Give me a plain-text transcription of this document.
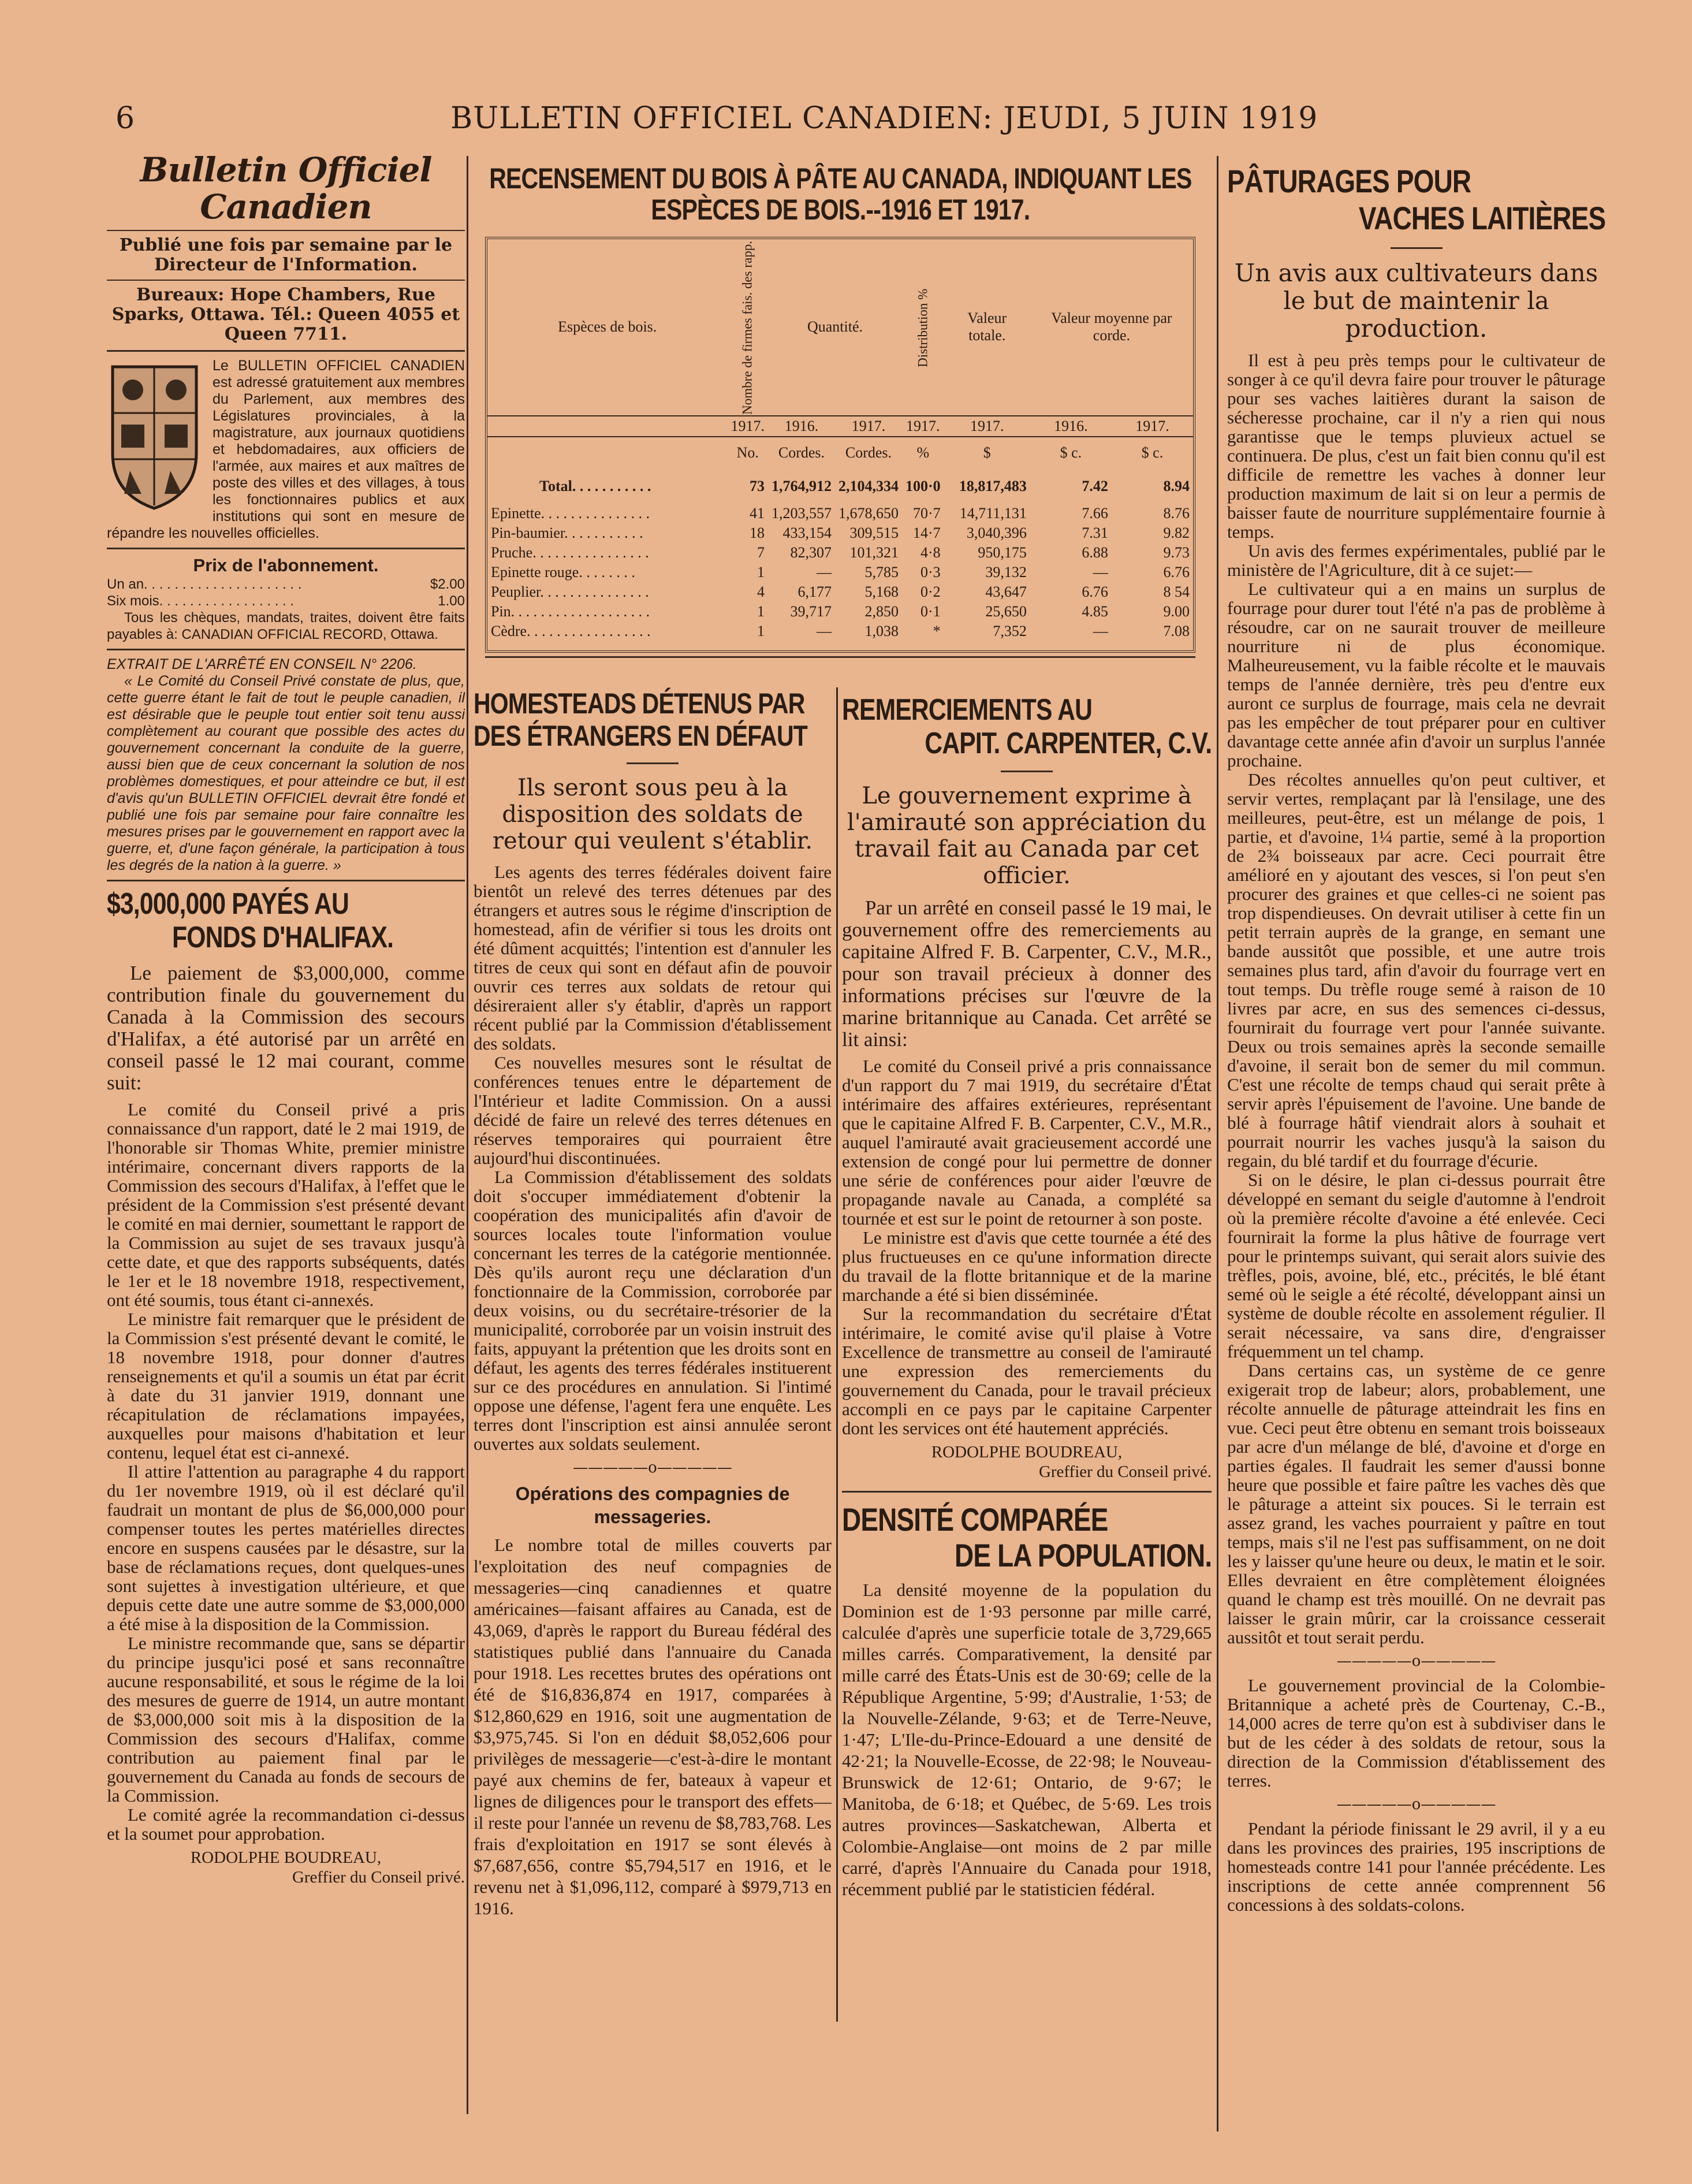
6	BULLETIN OFFICIEL CANADIEN: JEUDI, 5 JUIN 1919
Bulletin Officiel Canadien
Publié une fois par semaine par le Directeur de l'Information.
Bureaux: Hope Chambers, Rue Sparks, Ottawa. Tél.: Queen 4055 et Queen 7711.
Le BULLETIN OFFICIEL CANADIEN est adressé gratuitement aux membres du Parlement, aux membres des Législatures provinciales, à la magistrature, aux journaux quotidiens et hebdomadaires, aux officiers de l'armée, aux maires et aux maîtres de poste des villes et des villages, à tous les fonctionnaires publics et aux institutions qui sont en mesure de répandre les nouvelles officielles.
Prix de l'abonnement.
Un an. . . . . . . . . . . . . . . . . . . . .	$2.00
Six mois. . . . . . . . . . . . . . . . . .	1.00
Tous les chèques, mandats, traites, doivent être faits payables à: CANADIAN OFFICIAL RECORD, Ottawa.
EXTRAIT DE L'ARRÊTÉ EN CONSEIL N° 2206.
« Le Comité du Conseil Privé constate de plus, que, cette guerre étant le fait de tout le peuple canadien, il est désirable que le peuple tout entier soit tenu aussi complètement au courant que possible des actes du gouvernement concernant la conduite de la guerre, aussi bien que de ceux concernant la solution de nos problèmes domestiques, et pour atteindre ce but, il est d'avis qu'un BULLETIN OFFICIEL devrait être fondé et publié une fois par semaine pour faire connaître les mesures prises par le gouvernement en rapport avec la guerre, et, d'une façon générale, la participation à tous les degrés de la nation à la guerre. »
$3,000,000 PAYÉS AU
FONDS D'HALIFAX.

Le paiement de $3,000,000, comme contribution finale du gouvernement du Canada à la Commission des secours d'Halifax, a été autorisé par un arrêté en conseil passé le 12 mai courant, comme suit:

Le comité du Conseil privé a pris connaissance d'un rapport, daté le 2 mai 1919, de l'honorable sir Thomas White, premier ministre intérimaire, concernant divers rapports de la Commission des secours d'Halifax, à l'effet que le président de la Commission s'est présenté devant le comité en mai dernier, soumettant le rapport de la Commission au sujet de ses travaux jusqu'à cette date, et que des rapports subséquents, datés le 1er et le 18 novembre 1918, respectivement, ont été soumis, tous étant ci-annexés.

Le ministre fait remarquer que le président de la Commission s'est présenté devant le comité, le 18 novembre 1918, pour donner d'autres renseignements et qu'il a soumis un état par écrit à date du 31 janvier 1919, donnant une récapitulation de réclamations impayées, auxquelles pour maisons d'habitation et leur contenu, lequel état est ci-annexé.

Il attire l'attention au paragraphe 4 du rapport du 1er novembre 1919, où il est déclaré qu'il faudrait un montant de plus de $6,000,000 pour compenser toutes les pertes matérielles directes encore en suspens causées par le désastre, sur la base de réclamations reçues, dont quelques-unes sont sujettes à investigation ultérieure, et que depuis cette date une autre somme de $3,000,000 a été mise à la disposition de la Commission.

Le ministre recommande que, sans se départir du principe jusqu'ici posé et sans reconnaître aucune responsabilité, et sous le régime de la loi des mesures de guerre de 1914, un autre montant de $3,000,000 soit mis à la disposition de la Commission des secours d'Halifax, comme contribution au paiement final par le gouvernement du Canada au fonds de secours de la Commission.

Le comité agrée la recommandation ci-dessus et la soumet pour approbation.

RODOLPHE BOUDREAU,
Greffier du Conseil privé.
RECENSEMENT DU BOIS À PÂTE AU CANADA, INDIQUANT LES ESPÈCES DE BOIS.--1916 ET 1917.
Espèces de bois.	Nombre de firmes fais. des rapp.	Quantité.		Distribution %	Valeur totale.	Valeur moyenne par corde.	
	1917.	1916.	1917.	1917.	1917.	1916.	1917.
	No.	Cordes.	Cordes.	%	$	$ c.	$ c.
Total. . . . . . . . . . .	73	1,764,912	2,104,334	100·0	18,817,483	7.42	8.94
Epinette. . . . . . . . . . . . . . .	41	1,203,557	1,678,650	70·7	14,711,131	7.66	8.76
Pin-baumier. . . . . . . . . . .	18	433,154	309,515	14·7	3,040,396	7.31	9.82
Pruche. . . . . . . . . . . . . . . .	7	82,307	101,321	4·8	950,175	6.88	9.73
Epinette rouge. . . . . . . .	1	—	5,785	0·3	39,132	—	6.76
Peuplier. . . . . . . . . . . . . . .	4	6,177	5,168	0·2	43,647	6.76	8 54
Pin. . . . . . . . . . . . . . . . . . .	1	39,717	2,850	0·1	25,650	4.85	9.00
Cèdre. . . . . . . . . . . . . . . . .	1	—	1,038	*	7,352	—	7.08
HOMESTEADS DÉTENUS PAR DES ÉTRANGERS EN DÉFAUT
Ils seront sous peu à la disposition des soldats de retour qui veulent s'établir.

Les agents des terres fédérales doivent faire bientôt un relevé des terres détenues par des étrangers et autres sous le régime d'inscription de homestead, afin de vérifier si tous les droits ont été dûment acquittés; l'intention est d'annuler les titres de ceux qui sont en défaut afin de pouvoir ouvrir ces terres aux soldats de retour qui désireraient aller s'y établir, d'après un rapport récent publié par la Commission d'établissement des soldats.

Ces nouvelles mesures sont le résultat de conférences tenues entre le département de l'Intérieur et ladite Commission. On a aussi décidé de faire un relevé des terres détenues en réserves temporaires qui pourraient être aujourd'hui discontinuées.

La Commission d'établissement des soldats doit s'occuper immédiatement d'obtenir la coopération des municipalités afin d'avoir de sources locales toute l'information voulue concernant les terres de la catégorie mentionnée. Dès qu'ils auront reçu une déclaration d'un fonctionnaire de la Commission, corroborée par deux voisins, ou du secrétaire-trésorier de la municipalité, corroborée par un voisin instruit des faits, appuyant la prétention que les droits sont en défaut, les agents des terres fédérales instituerent sur ce des procédures en annulation. Si l'intimé oppose une défense, l'agent fera une enquête. Les terres dont l'inscription est ainsi annulée seront ouvertes aux soldats seulement.

—————o—————
Opérations des compagnies de messageries.

Le nombre total de milles couverts par l'exploitation des neuf compagnies de messageries—cinq canadiennes et quatre américaines—faisant affaires au Canada, est de 43,069, d'après le rapport du Bureau fédéral des statistiques publié dans l'annuaire du Canada pour 1918. Les recettes brutes des opérations ont été de $16,836,874 en 1917, comparées à $12,860,629 en 1916, soit une augmentation de $3,975,745. Si l'on en déduit $8,052,606 pour privilèges de messagerie—c'est-à-dire le montant payé aux chemins de fer, bateaux à vapeur et lignes de diligences pour le transport des effets—il reste pour l'année un revenu de $8,783,768. Les frais d'exploitation en 1917 se sont élevés à $7,687,656, contre $5,794,517 en 1916, et le revenu net à $1,096,112, comparé à $979,713 en 1916.

REMERCIEMENTS AU
CAPIT. CARPENTER, C.V.
Le gouvernement exprime à l'amirauté son appréciation du travail fait au Canada par cet officier.

Par un arrêté en conseil passé le 19 mai, le gouvernement offre des remerciements au capitaine Alfred F. B. Carpenter, C.V., M.R., pour son travail précieux à donner des informations précises sur l'œuvre de la marine britannique au Canada. Cet arrêté se lit ainsi:

Le comité du Conseil privé a pris connaissance d'un rapport du 7 mai 1919, du secrétaire d'État intérimaire des affaires extérieures, représentant que le capitaine Alfred F. B. Carpenter, C.V., M.R., auquel l'amirauté avait gracieusement accordé une extension de congé pour lui permettre de donner une série de conférences pour aider l'œuvre de propagande navale au Canada, a complété sa tournée et est sur le point de retourner à son poste.

Le ministre est d'avis que cette tournée a été des plus fructueuses en ce qu'une information directe du travail de la flotte britannique et de la marine marchande a été si bien disséminée.

Sur la recommandation du secrétaire d'État intérimaire, le comité avise qu'il plaise à Votre Excellence de transmettre au conseil de l'amirauté une expression des remerciements du gouvernement du Canada, pour le travail précieux accompli en ce pays par le capitaine Carpenter dont les services ont été hautement appréciés.

RODOLPHE BOUDREAU,
Greffier du Conseil privé.
DENSITÉ COMPARÉE
DE LA POPULATION.

La densité moyenne de la population du Dominion est de 1·93 personne par mille carré, calculée d'après une superficie totale de 3,729,665 milles carrés. Comparativement, la densité par mille carré des États-Unis est de 30·69; celle de la République Argentine, 5·99; d'Australie, 1·53; de la Nouvelle-Zélande, 9·63; et de Terre-Neuve, 1·47; L'Ile-du-Prince-Edouard a une densité de 42·21; la Nouvelle-Ecosse, de 22·98; le Nouveau-Brunswick de 12·61; Ontario, de 9·67; le Manitoba, de 6·18; et Québec, de 5·69. Les trois autres provinces—Saskatchewan, Alberta et Colombie-Anglaise—ont moins de 2 par mille carré, d'après l'Annuaire du Canada pour 1918, récemment publié par le statisticien fédéral.

PÂTURAGES POUR
VACHES LAITIÈRES
Un avis aux cultivateurs dans le but de maintenir la production.

Il est à peu près temps pour le cultivateur de songer à ce qu'il devra faire pour trouver le pâturage pour ses vaches laitières durant la saison de sécheresse prochaine, car il n'y a rien qui nous garantisse que le temps pluvieux actuel se continuera. De plus, c'est un fait bien connu qu'il est difficile de remettre les vaches à donner leur production maximum de lait si on leur a permis de baisser faute de nourriture supplémentaire fournie à temps.

Un avis des fermes expérimentales, publié par le ministère de l'Agriculture, dit à ce sujet:—

Le cultivateur qui a en mains un surplus de fourrage pour durer tout l'été n'a pas de problème à résoudre, car on ne saurait trouver de meilleure nourriture ni de plus économique. Malheureusement, vu la faible récolte et le mauvais temps de l'année dernière, très peu d'entre eux auront ce surplus de fourrage, mais cela ne devrait pas les empêcher de tout préparer pour en cultiver davantage cette année afin d'avoir un surplus l'année prochaine.

Des récoltes annuelles qu'on peut cultiver, et servir vertes, remplaçant par là l'ensilage, une des meilleures, peut-être, est un mélange de pois, 1 partie, et d'avoine, 1¼ partie, semé à la proportion de 2¾ boisseaux par acre. Ceci pourrait être amélioré en y ajoutant des vesces, si l'on peut s'en procurer des graines et que celles-ci ne soient pas trop dispendieuses. On devrait utiliser à cette fin un petit terrain auprès de la grange, en semant une bande aussitôt que possible, et une autre trois semaines plus tard, afin d'avoir du fourrage vert en tout temps. Du trèfle rouge semé à raison de 10 livres par acre, en sus des semences ci-dessus, fournirait du fourrage vert pour l'année suivante. Deux ou trois semaines après la seconde semaille d'avoine, il serait bon de semer du mil commun. C'est une récolte de temps chaud qui serait prête à servir après l'épuisement de l'avoine. Une bande de blé à fourrage hâtif viendrait alors à souhait et pourrait nourrir les vaches jusqu'à la saison du regain, du blé tardif et du fourrage d'écurie.

Si on le désire, le plan ci-dessus pourrait être développé en semant du seigle d'automne à l'endroit où la première récolte d'avoine a été enlevée. Ceci fournirait la forme la plus hâtive de fourrage vert pour le printemps suivant, qui serait alors suivie des trèfles, pois, avoine, blé, etc., précités, le blé étant semé où le seigle a été récolté, développant ainsi un système de double récolte en assolement régulier. Il serait nécessaire, va sans dire, d'engraisser fréquemment un tel champ.

Dans certains cas, un système de ce genre exigerait trop de labeur; alors, probablement, une récolte annuelle de pâturage atteindrait les fins en vue. Ceci peut être obtenu en semant trois boisseaux par acre d'un mélange de blé, d'avoine et d'orge en parties égales. Il faudrait les semer d'aussi bonne heure que possible et faire paître les vaches dès que le pâturage a atteint six pouces. Si le terrain est assez grand, les vaches pourraient y paître en tout temps, mais s'il ne l'est pas suffisamment, on ne doit les y laisser qu'une heure ou deux, le matin et le soir. Elles devraient en être complètement éloignées quand le champ est très mouillé. On ne devrait pas laisser le grain mûrir, car la croissance cesserait aussitôt et tout serait perdu.

—————o—————

Le gouvernement provincial de la Colombie-Britannique a acheté près de Courtenay, C.-B., 14,000 acres de terre qu'on est à subdiviser dans le but de les céder à des soldats de retour, sous la direction de la Commission d'établissement des terres.

—————o—————

Pendant la période finissant le 29 avril, il y a eu dans les provinces des prairies, 195 inscriptions de homesteads contre 141 pour l'année précédente. Les inscriptions de cette année comprennent 56 concessions à des soldats-colons.
